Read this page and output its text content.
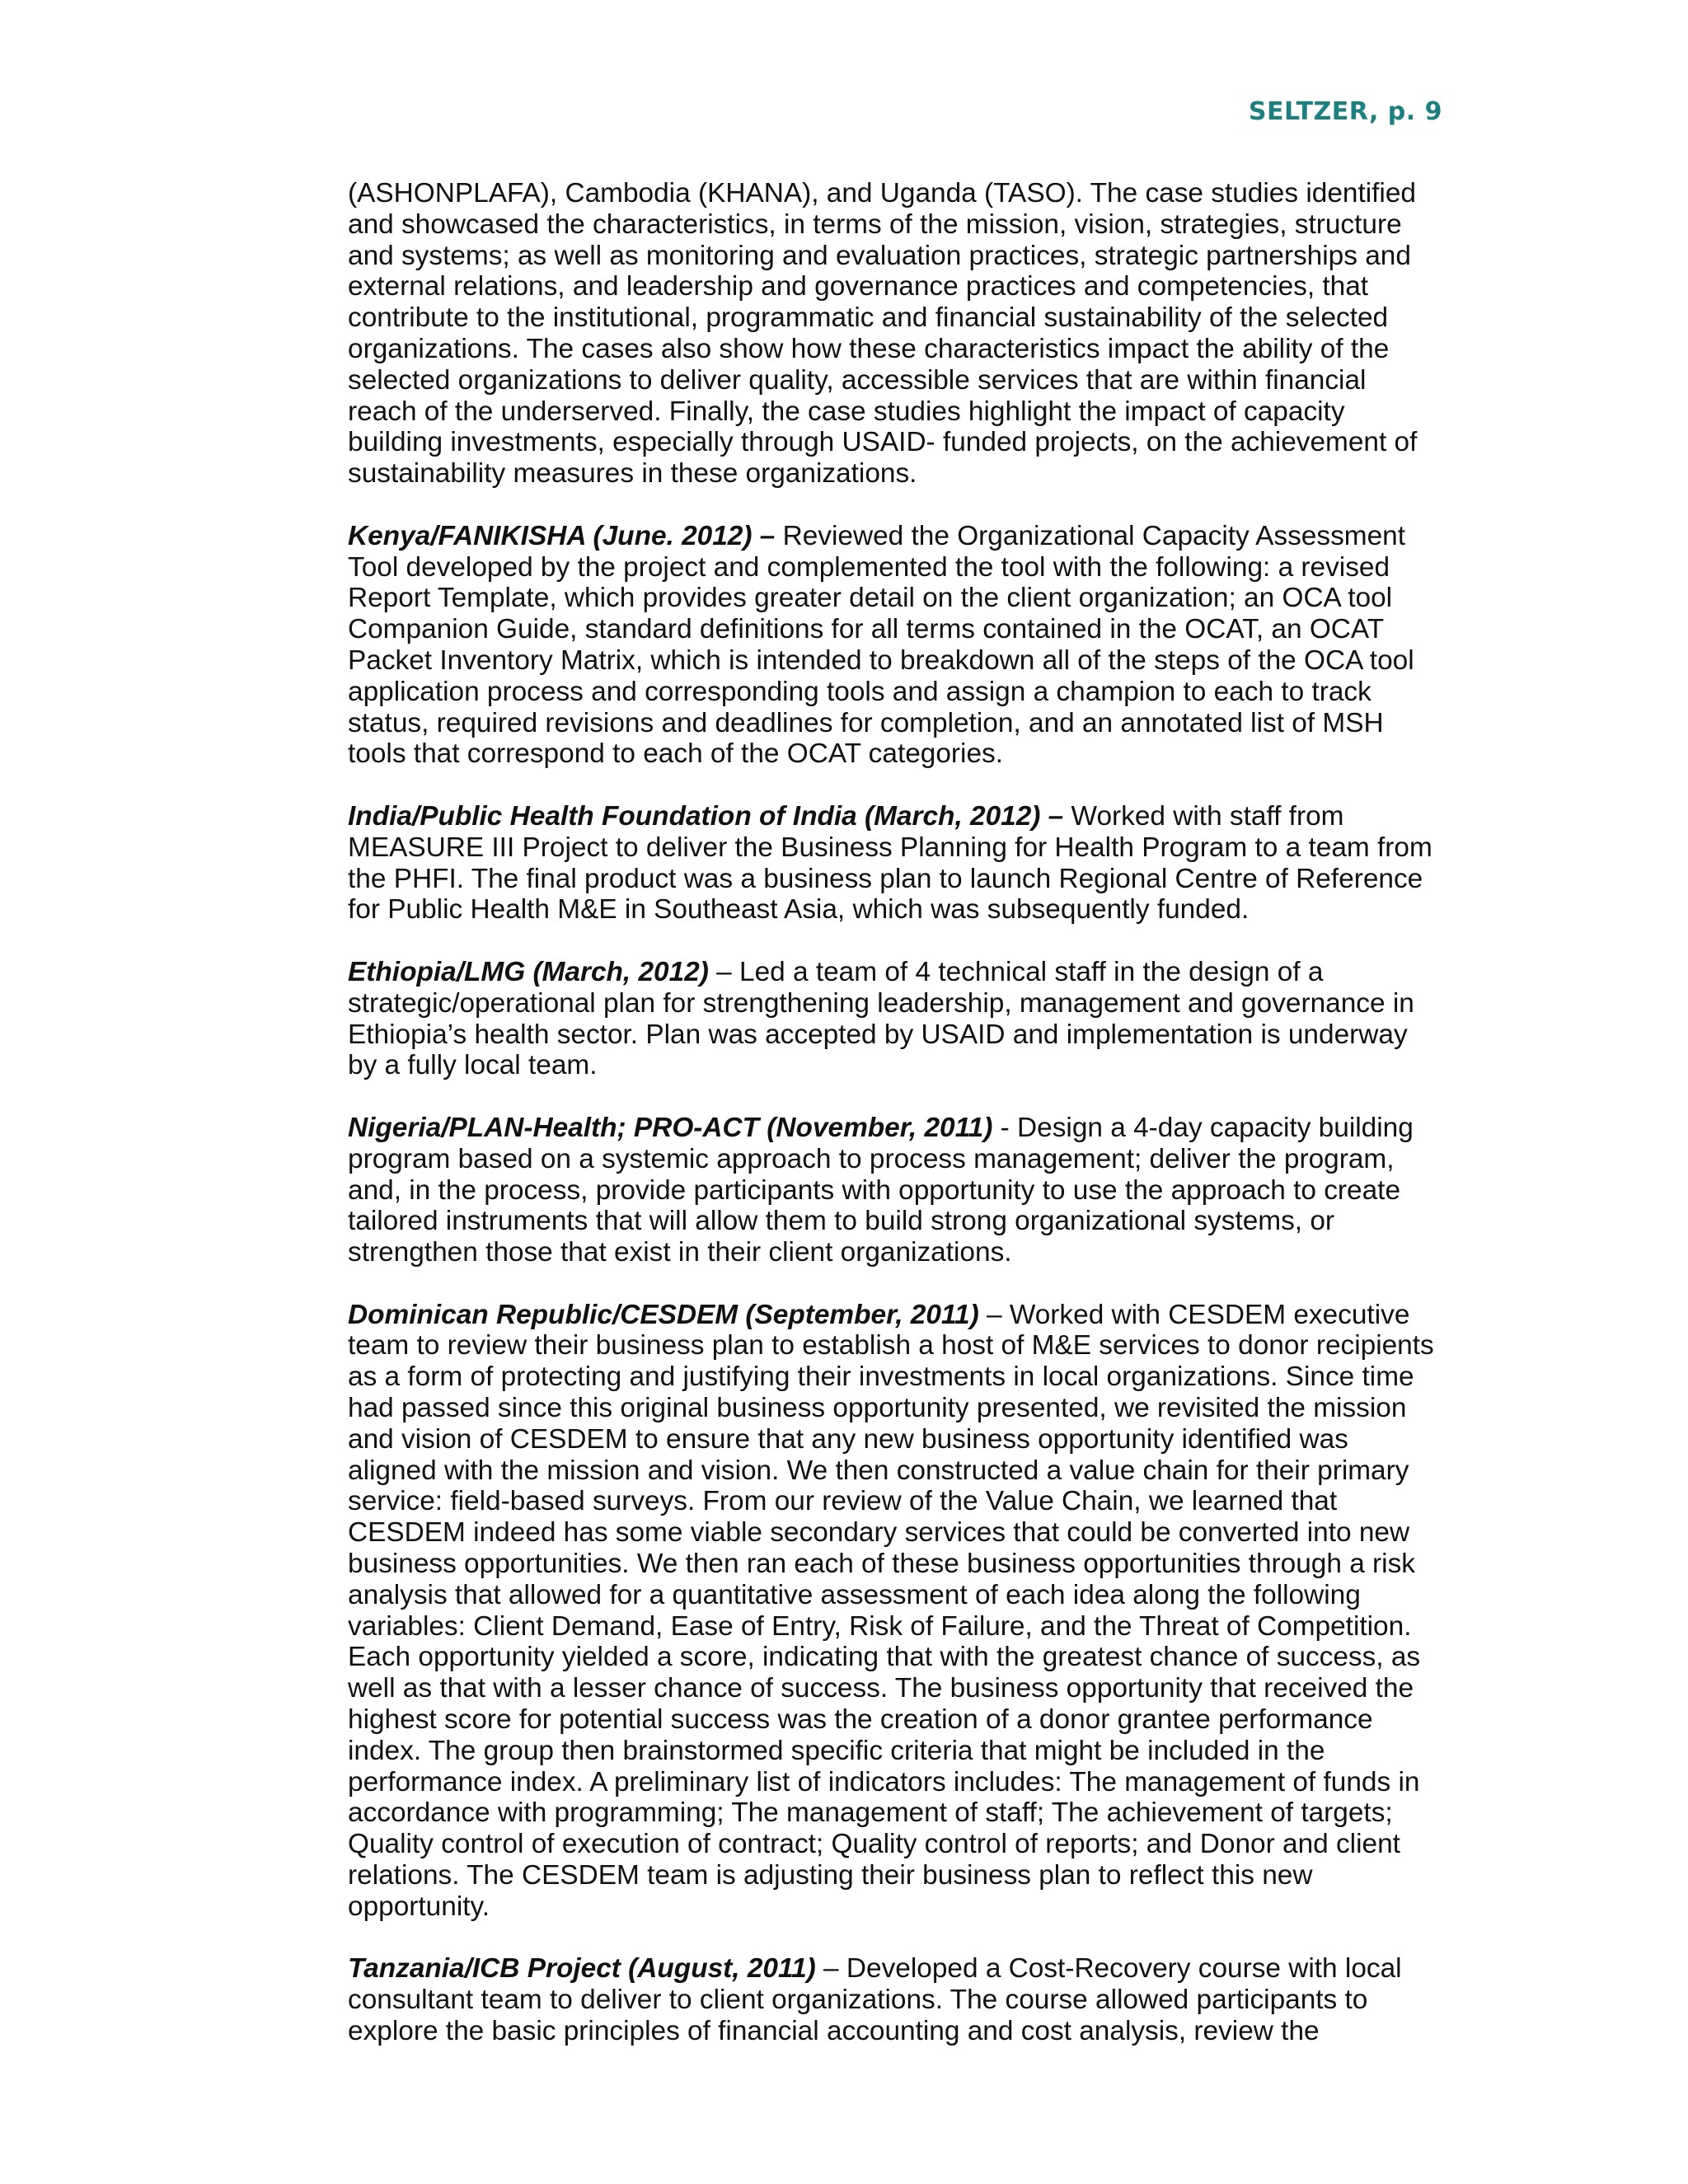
SELTZER, p. 9

(ASHONPLAFA), Cambodia (KHANA), and Uganda (TASO). The case studies identified and showcased the characteristics, in terms of the mission, vision, strategies, structure and systems; as well as monitoring and evaluation practices, strategic partnerships and external relations, and leadership and governance practices and competencies, that contribute to the institutional, programmatic and financial sustainability of the selected organizations. The cases also show how these characteristics impact the ability of the selected organizations to deliver quality, accessible services that are within financial reach of the underserved. Finally, the case studies highlight the impact of capacity building investments, especially through USAID- funded projects, on the achievement of sustainability measures in these organizations.

Kenya/FANIKISHA (June. 2012) – Reviewed the Organizational Capacity Assessment Tool developed by the project and complemented the tool with the following: a revised Report Template, which provides greater detail on the client organization; an OCA tool Companion Guide, standard definitions for all terms contained in the OCAT, an OCAT Packet Inventory Matrix, which is intended to breakdown all of the steps of the OCA tool application process and corresponding tools and assign a champion to each to track status, required revisions and deadlines for completion, and an annotated list of MSH tools that correspond to each of the OCAT categories.

India/Public Health Foundation of India (March, 2012) – Worked with staff from MEASURE III Project to deliver the Business Planning for Health Program to a team from the PHFI. The final product was a business plan to launch Regional Centre of Reference for Public Health M&E in Southeast Asia, which was subsequently funded.

Ethiopia/LMG (March, 2012) – Led a team of 4 technical staff in the design of a strategic/operational plan for strengthening leadership, management and governance in Ethiopia’s health sector. Plan was accepted by USAID and implementation is underway by a fully local team.

Nigeria/PLAN-Health; PRO-ACT (November, 2011) - Design a 4-day capacity building program based on a systemic approach to process management; deliver the program, and, in the process, provide participants with opportunity to use the approach to create tailored instruments that will allow them to build strong organizational systems, or strengthen those that exist in their client organizations.

Dominican Republic/CESDEM (September, 2011) – Worked with CESDEM executive team to review their business plan to establish a host of M&E services to donor recipients as a form of protecting and justifying their investments in local organizations. Since time had passed since this original business opportunity presented, we revisited the mission and vision of CESDEM to ensure that any new business opportunity identified was aligned with the mission and vision. We then constructed a value chain for their primary service: field-based surveys. From our review of the Value Chain, we learned that CESDEM indeed has some viable secondary services that could be converted into new business opportunities. We then ran each of these business opportunities through a risk analysis that allowed for a quantitative assessment of each idea along the following variables: Client Demand, Ease of Entry, Risk of Failure, and the Threat of Competition. Each opportunity yielded a score, indicating that with the greatest chance of success, as well as that with a lesser chance of success. The business opportunity that received the highest score for potential success was the creation of a donor grantee performance index. The group then brainstormed specific criteria that might be included in the performance index. A preliminary list of indicators includes: The management of funds in accordance with programming; The management of staff; The achievement of targets; Quality control of execution of contract; Quality control of reports; and Donor and client relations. The CESDEM team is adjusting their business plan to reflect this new opportunity.

Tanzania/ICB Project (August, 2011) – Developed a Cost-Recovery course with local consultant team to deliver to client organizations. The course allowed participants to explore the basic principles of financial accounting and cost analysis, review the
